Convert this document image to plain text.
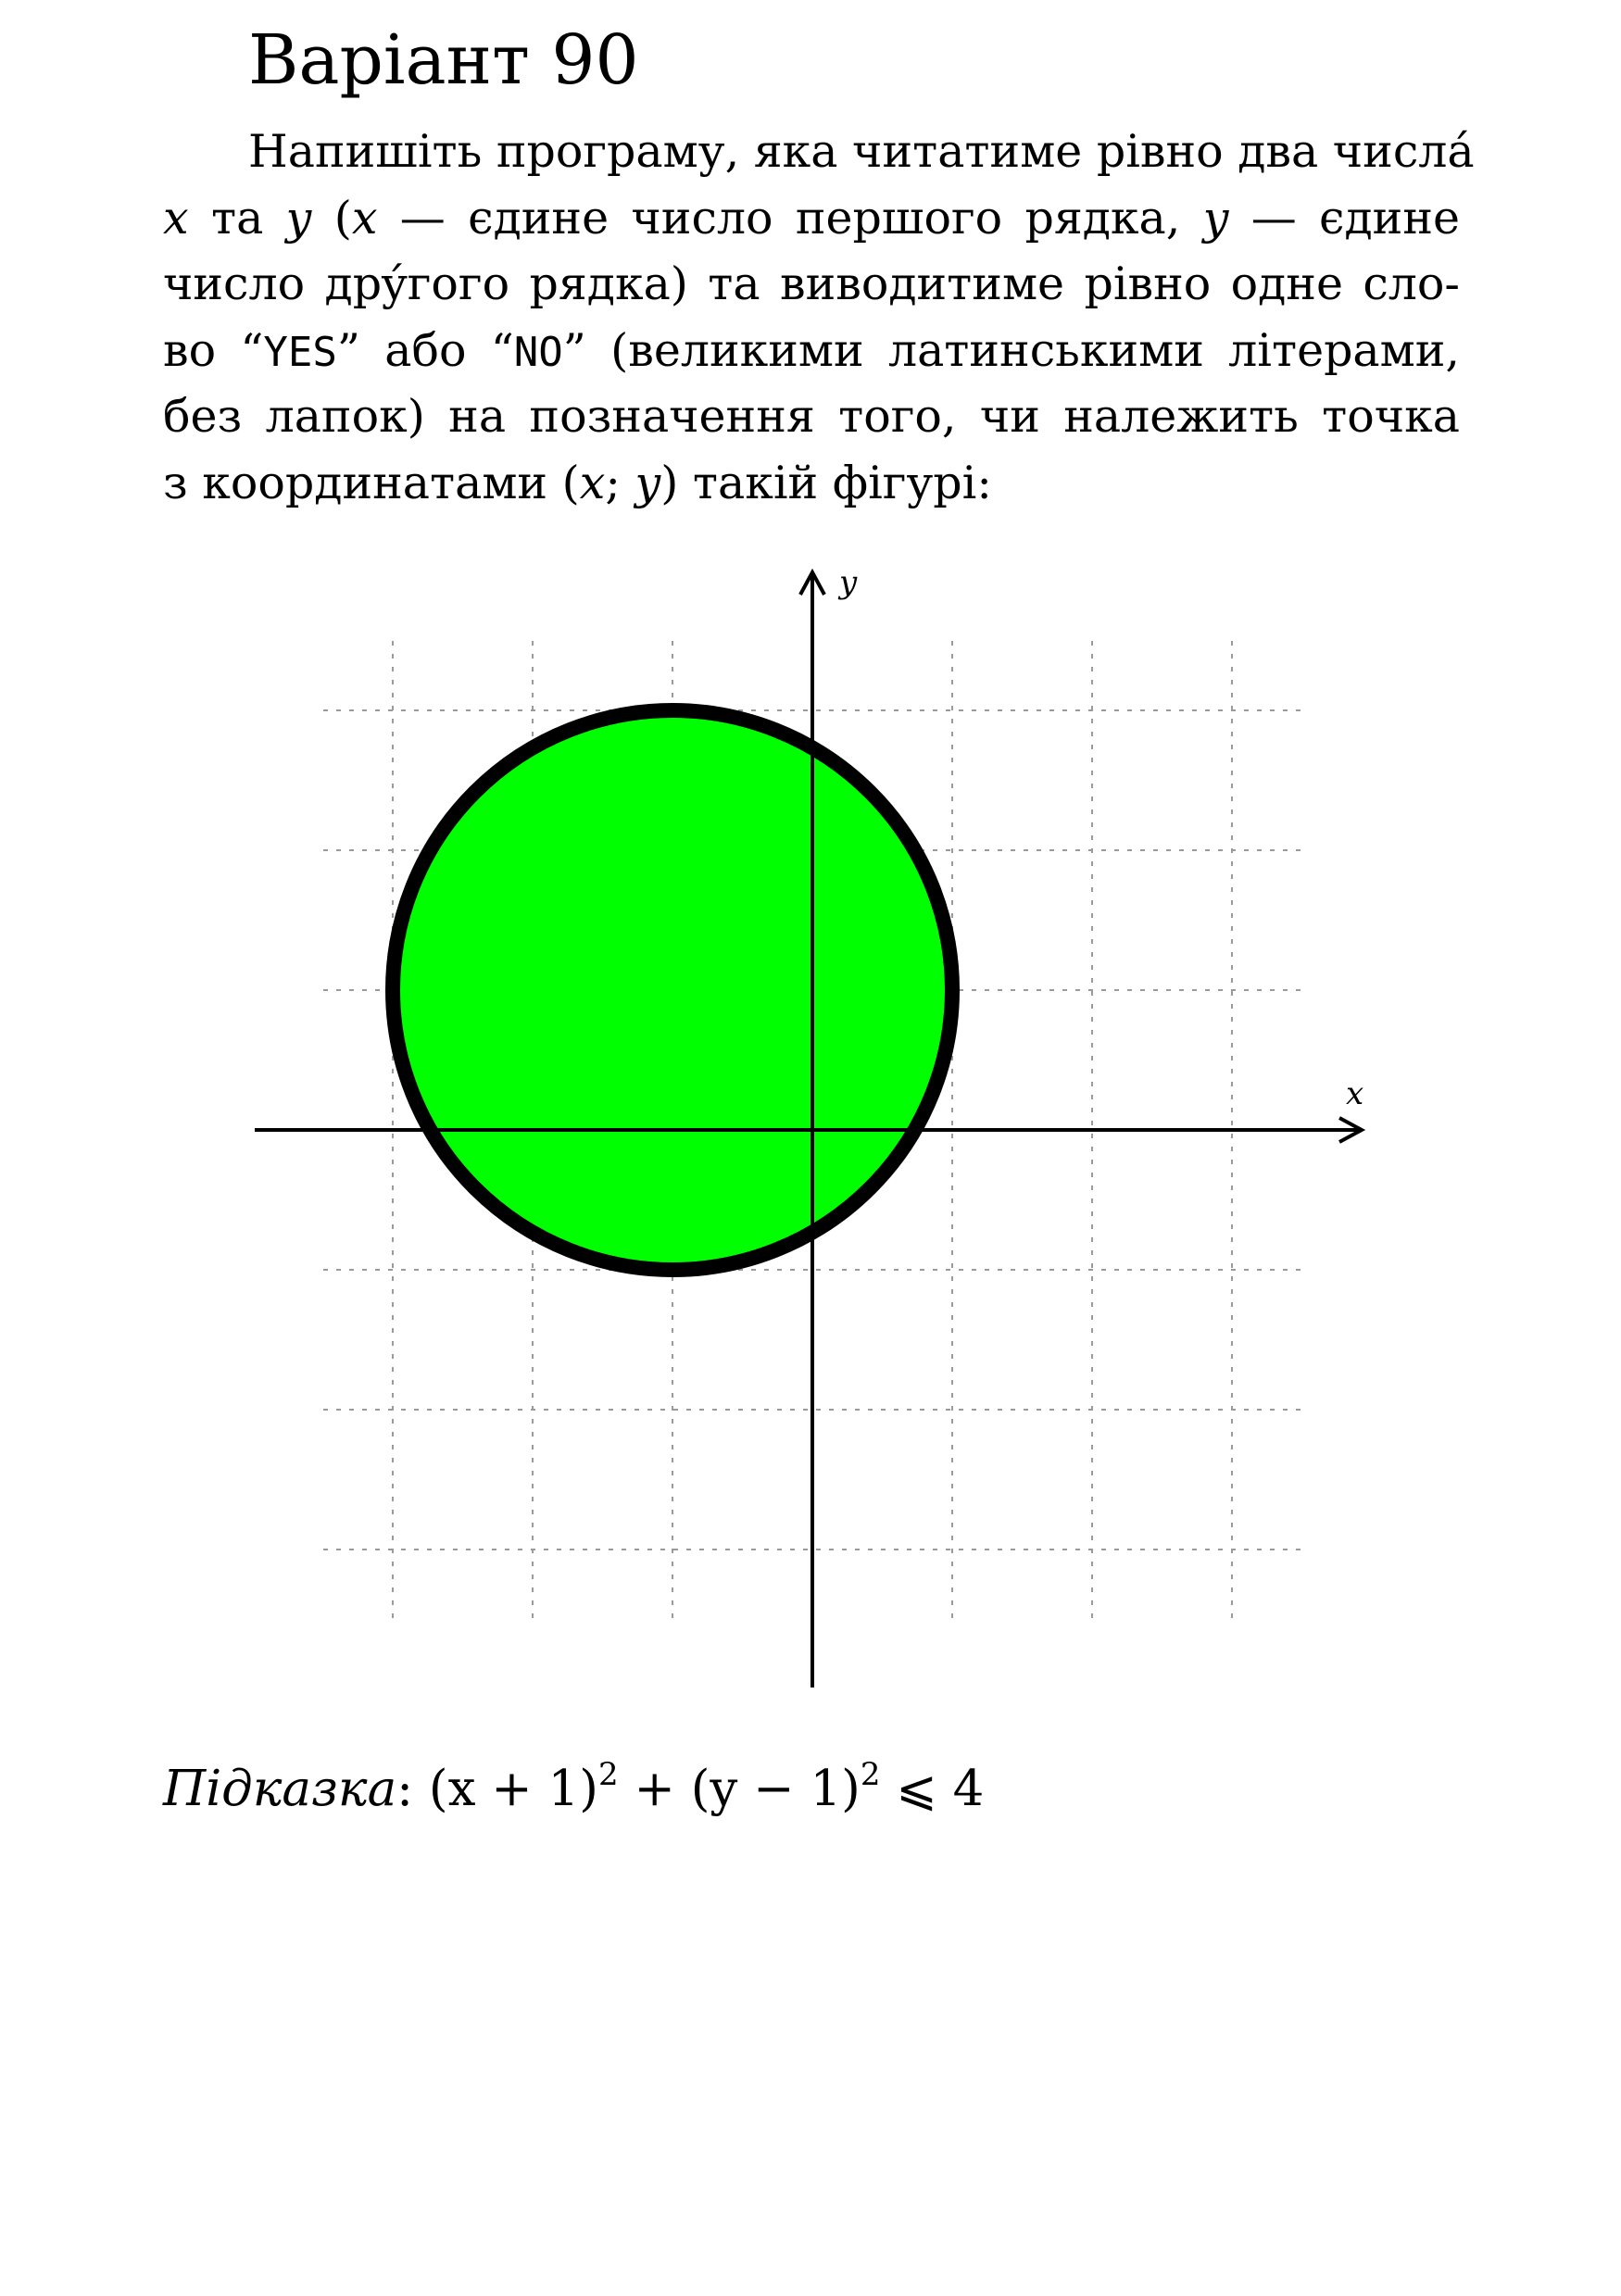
Варіант 90
Напишіть програму, яка читатиме рівно два числá
x та y (x — єдине число першого рядка, y — єдине
число дрýгого рядка) та виводитиме рівно одне сло-
во “YES” або “NO” (великими латинськими літерами,
без лапок) на позначення того, чи належить точка
з координатами (x; y) такій фігурі:
x
y
Підказка: $(x + 1)^2 + (y - 1)^2$ ⩽ 4
